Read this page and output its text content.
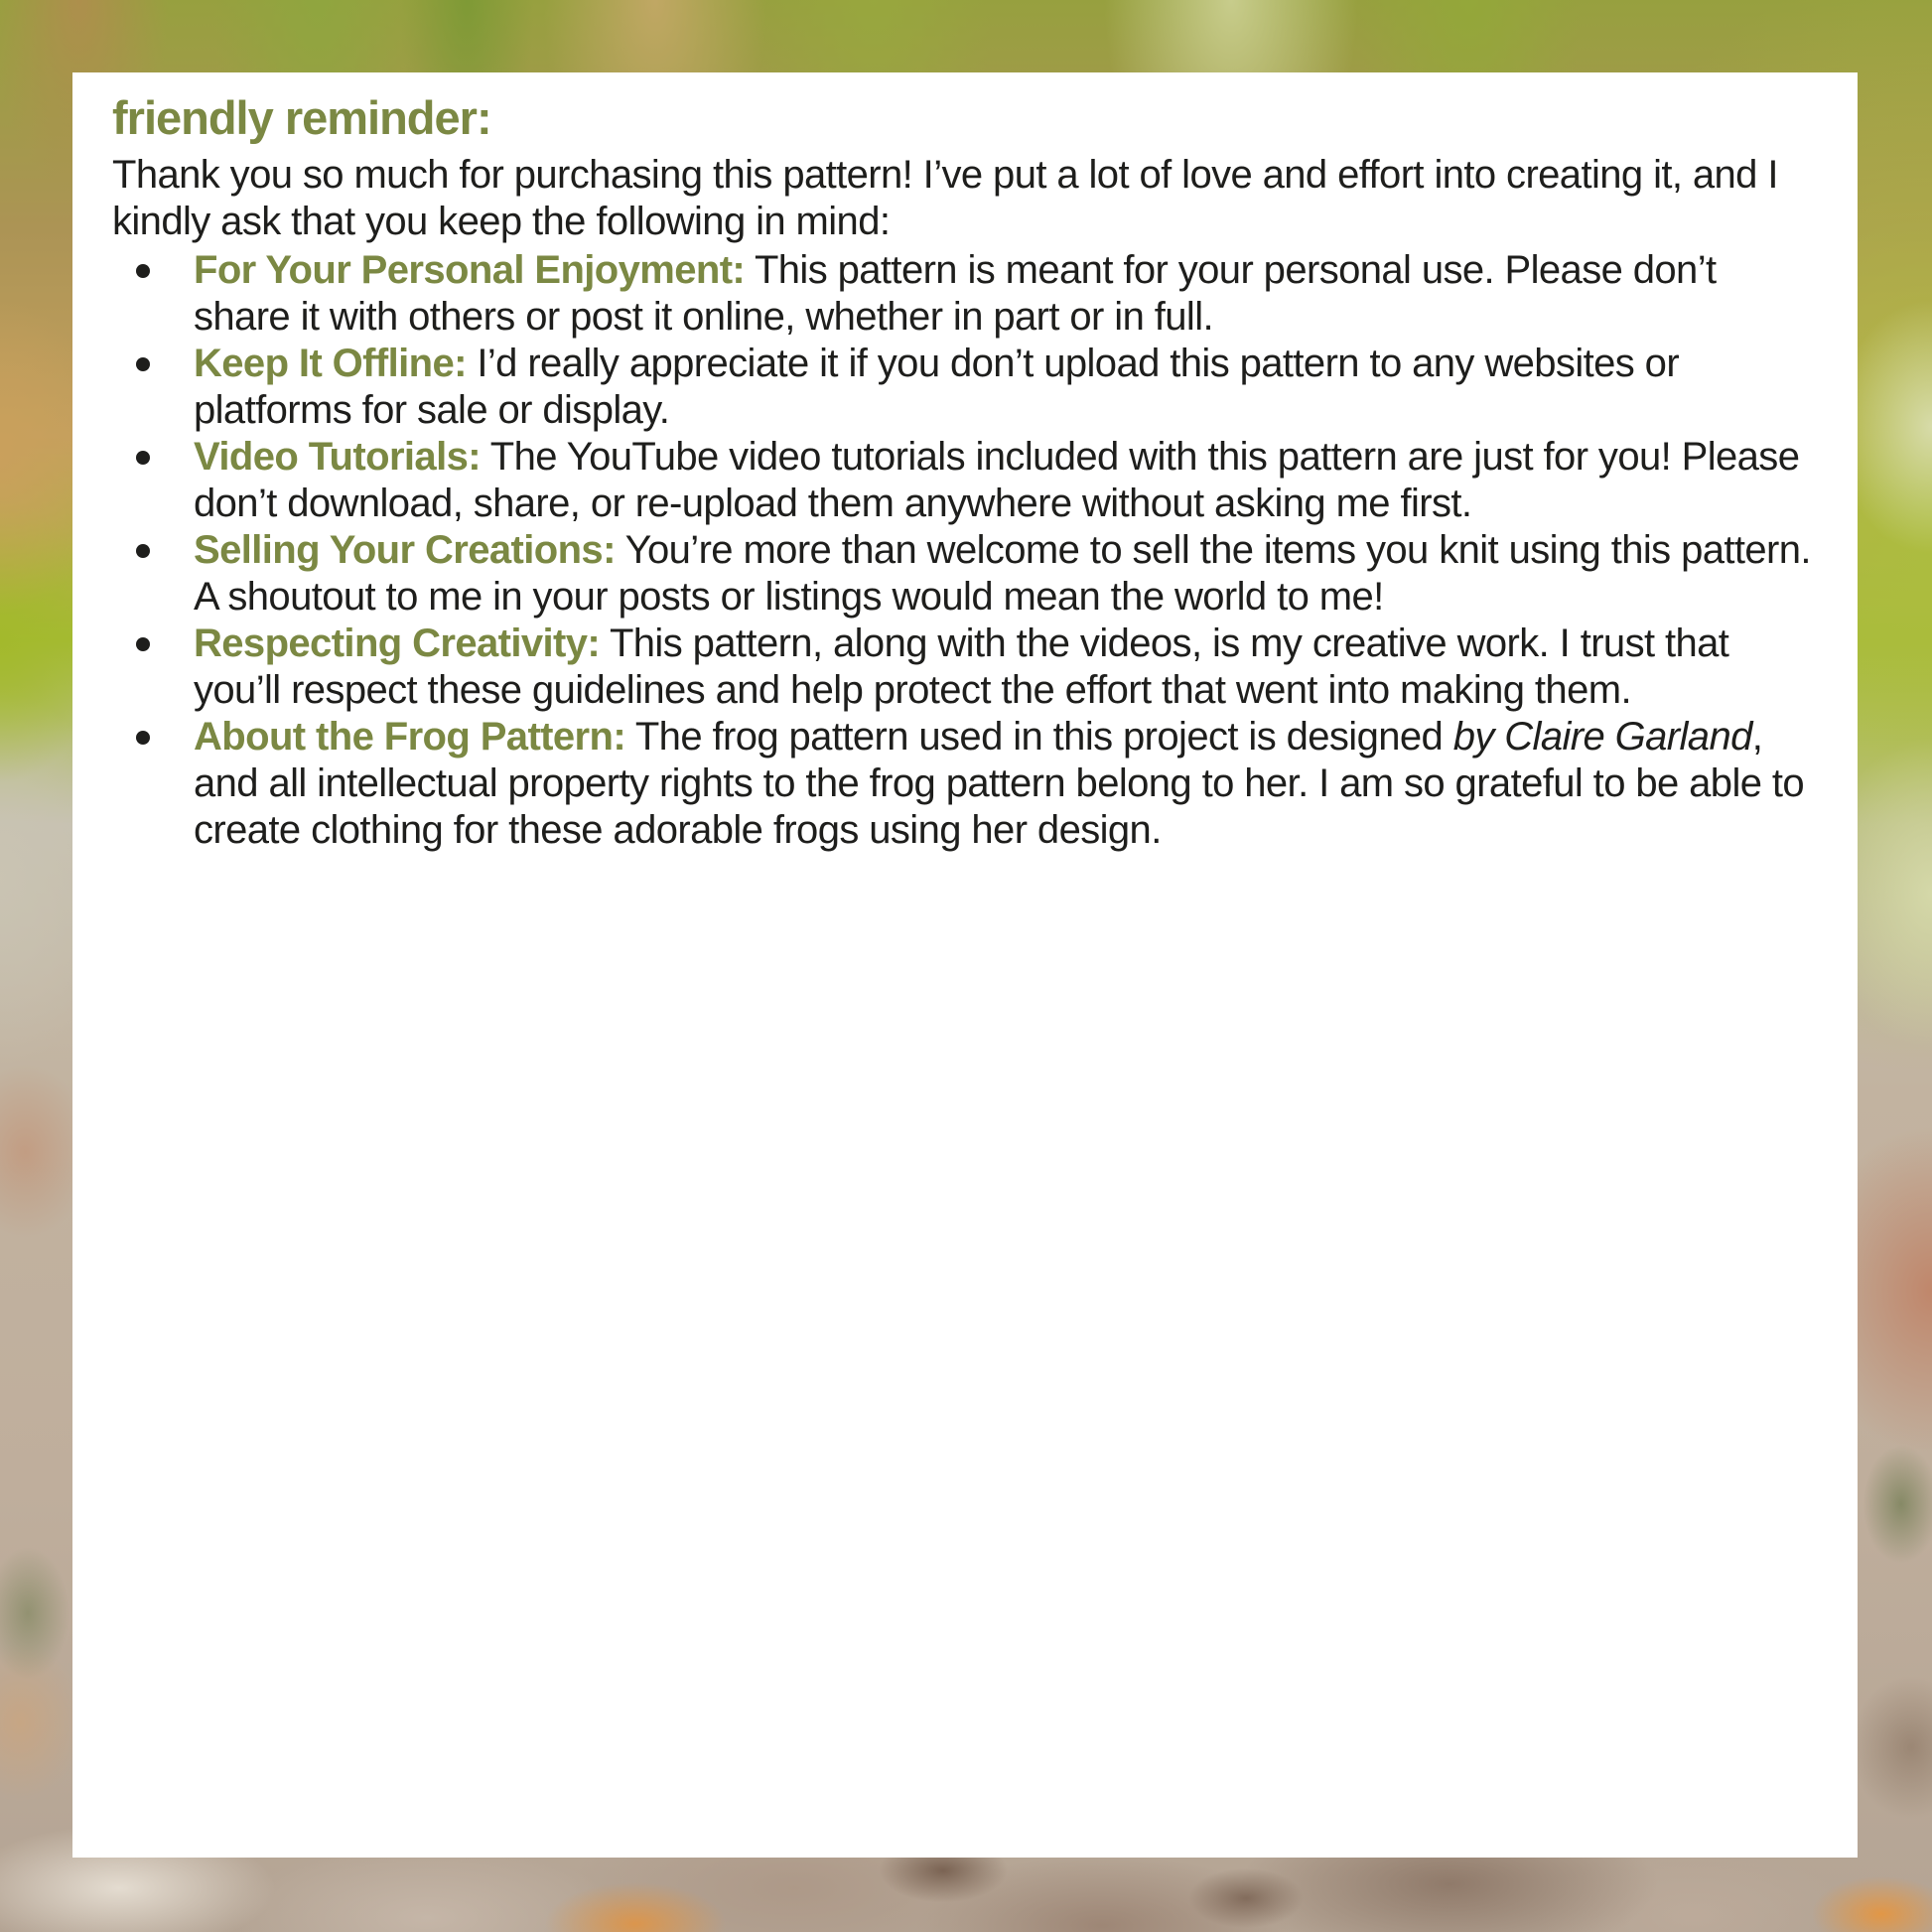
friendly reminder:

Thank you so much for purchasing this pattern! I’ve put a lot of love and effort into creating it, and I kindly ask that you keep the following in mind:

For Your Personal Enjoyment: This pattern is meant for your personal use. Please don’t share it with others or post it online, whether in part or in full.
Keep It Offline: I’d really appreciate it if you don’t upload this pattern to any websites or platforms for sale or display.
Video Tutorials: The YouTube video tutorials included with this pattern are just for you! Please don’t download, share, or re-upload them anywhere without asking me first.
Selling Your Creations: You’re more than welcome to sell the items you knit using this pattern. A shoutout to me in your posts or listings would mean the world to me!
Respecting Creativity: This pattern, along with the videos, is my creative work. I trust that you’ll respect these guidelines and help protect the effort that went into making them.
About the Frog Pattern: The frog pattern used in this project is designed by Claire Garland, and all intellectual property rights to the frog pattern belong to her. I am so grateful to be able to create clothing for these adorable frogs using her design.
